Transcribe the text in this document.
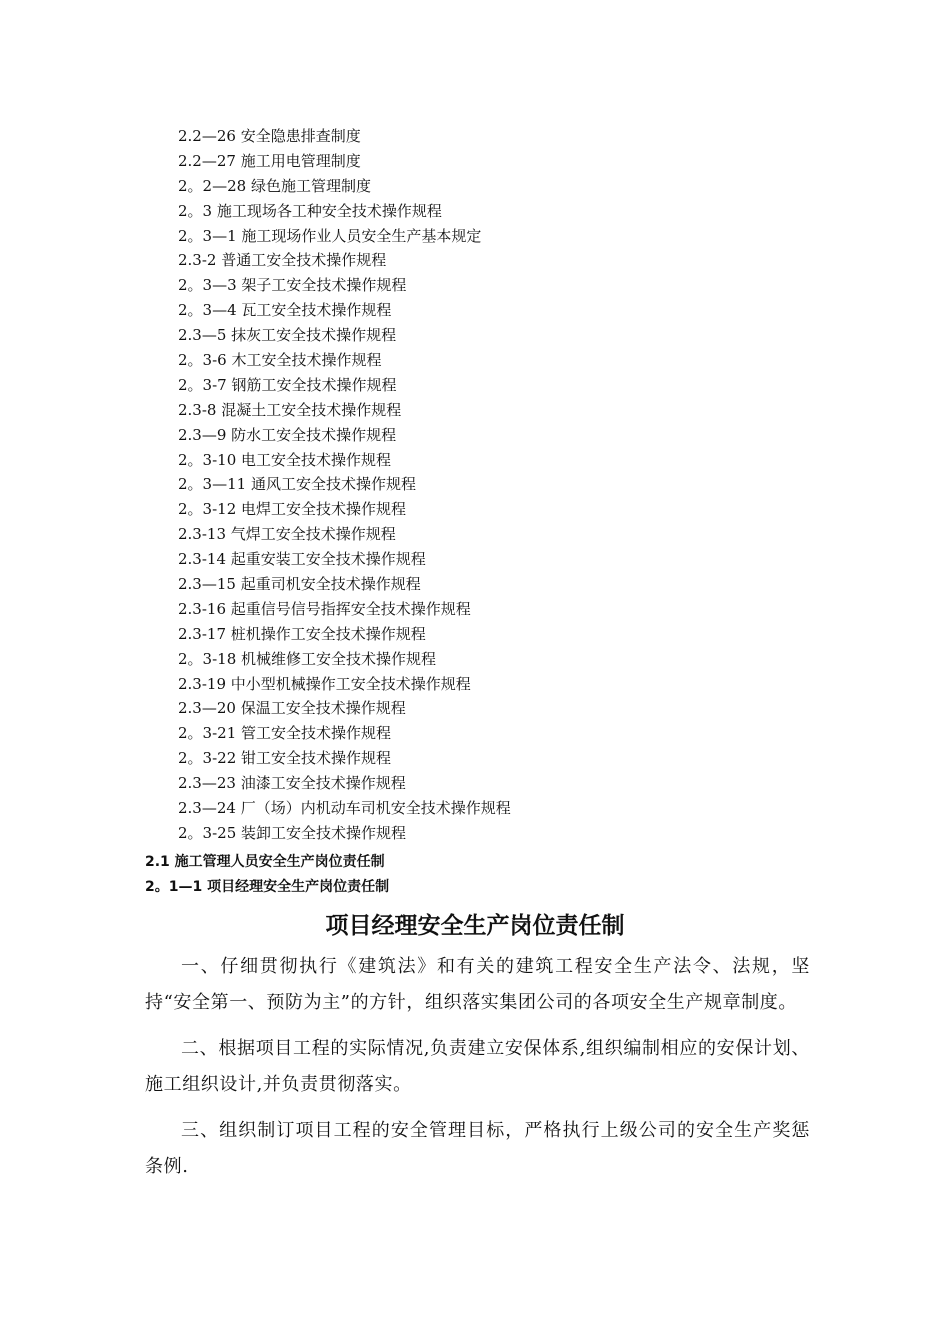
2.2—26 安全隐患排查制度
2.2—27 施工用电管理制度
2。2—28 绿色施工管理制度
2。3 施工现场各工种安全技术操作规程
2。3—1 施工现场作业人员安全生产基本规定
2.3-2 普通工安全技术操作规程
2。3—3 架子工安全技术操作规程
2。3—4 瓦工安全技术操作规程
2.3—5 抹灰工安全技术操作规程
2。3-6 木工安全技术操作规程
2。3-7 钢筋工安全技术操作规程
2.3-8 混凝土工安全技术操作规程
2.3—9 防水工安全技术操作规程
2。3-10 电工安全技术操作规程
2。3—11 通风工安全技术操作规程
2。3-12 电焊工安全技术操作规程
2.3-13 气焊工安全技术操作规程
2.3-14 起重安装工安全技术操作规程
2.3—15 起重司机安全技术操作规程
2.3-16 起重信号信号指挥安全技术操作规程
2.3-17 桩机操作工安全技术操作规程
2。3-18 机械维修工安全技术操作规程
2.3-19 中小型机械操作工安全技术操作规程
2.3—20 保温工安全技术操作规程
2。3-21 管工安全技术操作规程
2。3-22 钳工安全技术操作规程
2.3—23 油漆工安全技术操作规程
2.3—24 厂（场）内机动车司机安全技术操作规程
2。3-25 装卸工安全技术操作规程
2.1 施工管理人员安全生产岗位责任制
2。1—1 项目经理安全生产岗位责任制
项目经理安全生产岗位责任制

一、仔细贯彻执行《建筑法》和有关的建筑工程安全生产法令、法规，坚持“安全第一、预防为主”的方针，组织落实集团公司的各项安全生产规章制度。

二、根据项目工程的实际情况,负责建立安保体系,组织编制相应的安保计划、施工组织设计,并负责贯彻落实。

三、组织制订项目工程的安全管理目标，严格执行上级公司的安全生产奖惩条例.
